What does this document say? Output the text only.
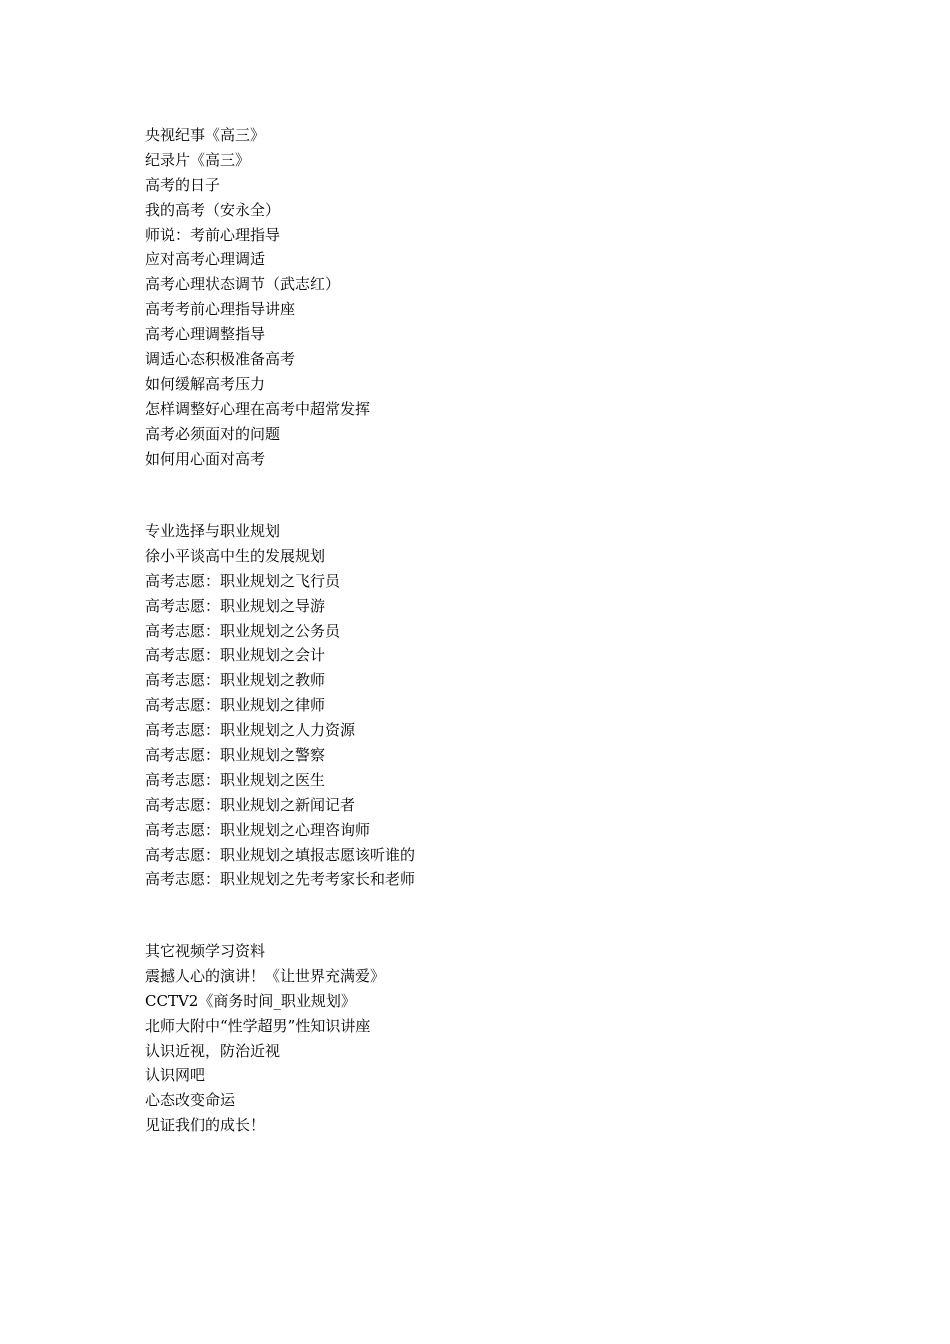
央视纪事《高三》
纪录片《高三》
高考的日子
我的高考（安永全）
师说：考前心理指导
应对高考心理调适
高考心理状态调节（武志红）
高考考前心理指导讲座
高考心理调整指导
调适心态积极准备高考
如何缓解高考压力
怎样调整好心理在高考中超常发挥
高考必须面对的问题
如何用心面对高考
专业选择与职业规划
徐小平谈高中生的发展规划
高考志愿：职业规划之飞行员
高考志愿：职业规划之导游
高考志愿：职业规划之公务员
高考志愿：职业规划之会计
高考志愿：职业规划之教师
高考志愿：职业规划之律师
高考志愿：职业规划之人力资源
高考志愿：职业规划之警察
高考志愿：职业规划之医生
高考志愿：职业规划之新闻记者
高考志愿：职业规划之心理咨询师
高考志愿：职业规划之填报志愿该听谁的
高考志愿：职业规划之先考考家长和老师
其它视频学习资料
震撼人心的演讲！《让世界充满爱》
CCTV2《商务时间_职业规划》
北师大附中“性学超男”性知识讲座
认识近视，防治近视
认识网吧
心态改变命运
见证我们的成长！
